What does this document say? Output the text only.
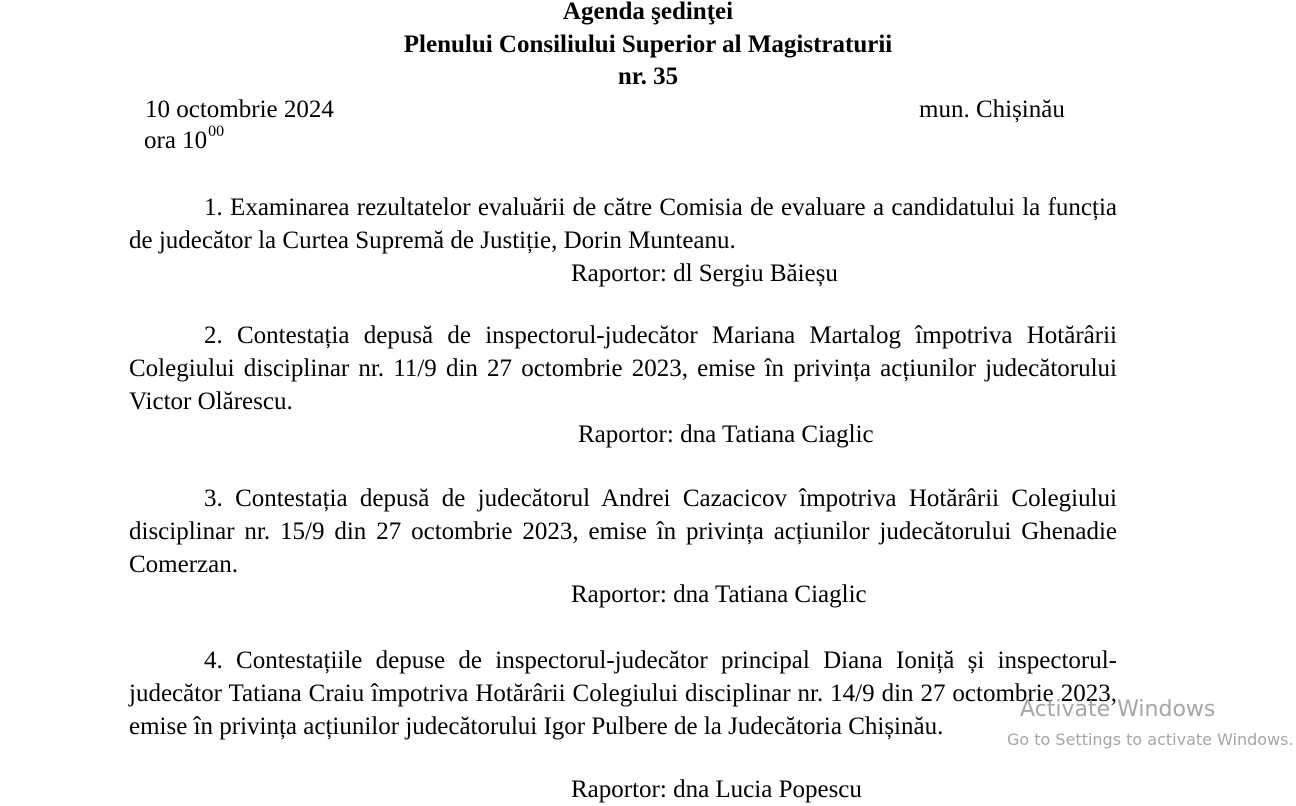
Agenda şedinţei
Plenului Consiliului Superior al Magistraturii
nr. 35
10 octombrie 2024	mun. Chișinău
ora $10^{00}$
1. Examinarea rezultatelor evaluării de către Comisia de evaluare a candidatului la funcția de judecător la Curtea Supremă de Justiție, Dorin Munteanu.
Raportor: dl Sergiu Băieșu
2. Contestația depusă de inspectorul-judecător Mariana Martalog împotriva Hotărârii Colegiului disciplinar nr. 11/9 din 27 octombrie 2023, emise în privința acțiunilor judecătorului Victor Olărescu.
Raportor: dna Tatiana Ciaglic
3. Contestația depusă de judecătorul Andrei Cazacicov împotriva Hotărârii Colegiului disciplinar nr. 15/9 din 27 octombrie 2023, emise în privința acțiunilor judecătorului Ghenadie Comerzan.
Raportor: dna Tatiana Ciaglic
4. Contestațiile depuse de inspectorul-judecător principal Diana Ioniță și inspectorul-judecător Tatiana Craiu împotriva Hotărârii Colegiului disciplinar nr. 14/9 din 27 octombrie 2023, emise în privința acțiunilor judecătorului Igor Pulbere de la Judecătoria Chișinău.
Raportor: dna Lucia Popescu
Activate Windows
Go to Settings to activate Windows.
